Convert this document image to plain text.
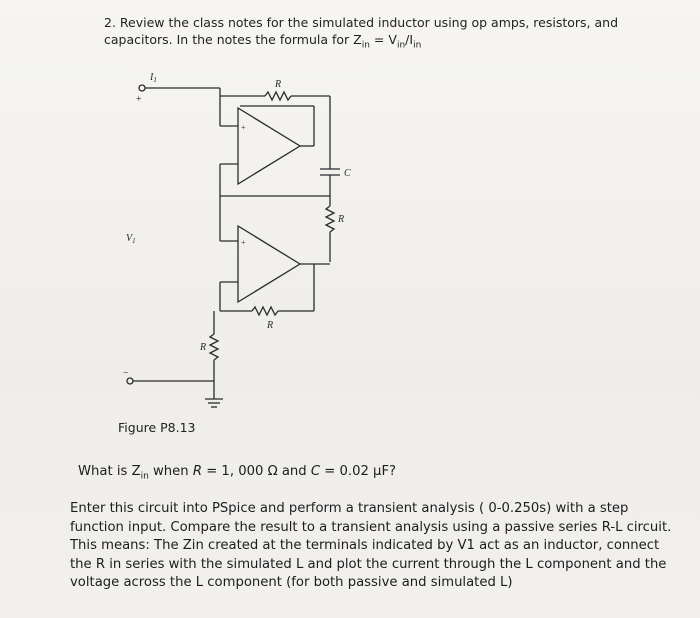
2. Review the class notes for the simulated inductor using op amps, resistors, and capacitors. In the notes the formula for $Z_{in} = V_{in}/I_{in}$
$I_1$
+
$V_1$
−
R
C
R
R
R
+
+
Figure P8.13
What is $Z_{in}$ when R = 1, 000 Ω and C = 0.02 μF?
Enter this circuit into PSpice and perform a transient analysis ( 0-0.250s) with a step function input. Compare the result to a transient analysis using a passive series R-L circuit. This means: The Zin created at the terminals indicated by V1 act as an inductor, connect the R in series with the simulated L and plot the current through the L component and the voltage across the L component (for both passive and simulated L)
